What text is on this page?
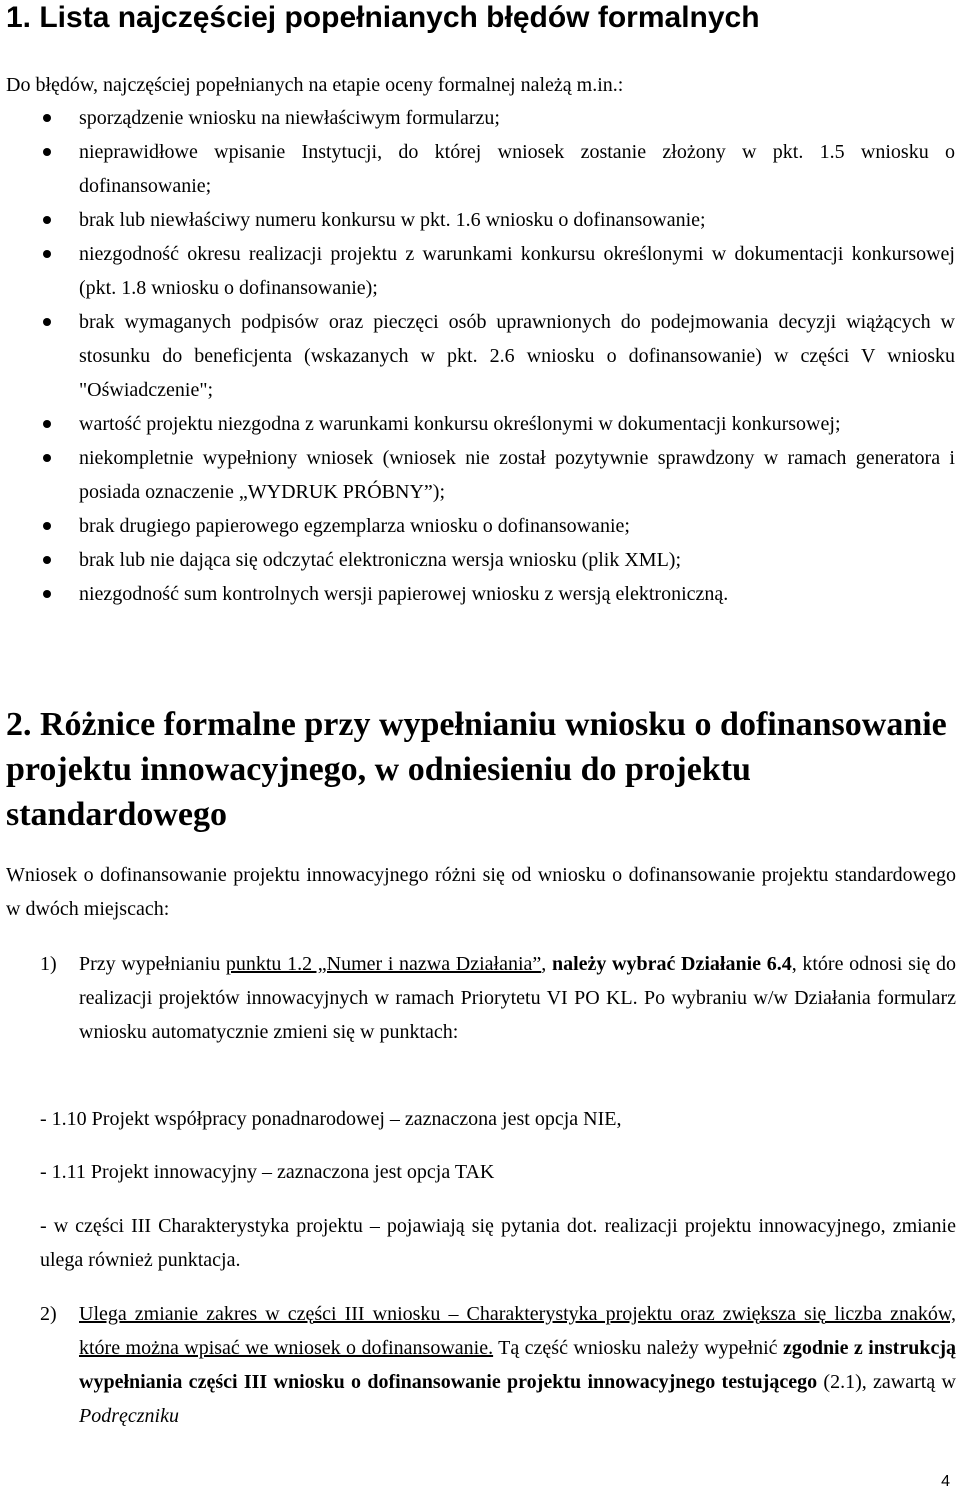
1. Lista najczęściej popełnianych błędów formalnych

Do błędów, najczęściej popełnianych na etapie oceny formalnej należą m.in.:

sporządzenie wniosku na niewłaściwym formularzu;
nieprawidłowe wpisanie Instytucji, do której wniosek zostanie złożony w pkt. 1.5 wniosku o dofinansowanie;
brak lub niewłaściwy numeru konkursu w pkt. 1.6 wniosku o dofinansowanie;
niezgodność okresu realizacji projektu z warunkami konkursu określonymi w dokumentacji konkursowej (pkt. 1.8 wniosku o dofinansowanie);
brak wymaganych podpisów oraz pieczęci osób uprawnionych do podejmowania decyzji wiążących w stosunku do beneficjenta (wskazanych w pkt. 2.6 wniosku o dofinansowanie) w części V wniosku "Oświadczenie";
wartość projektu niezgodna z warunkami konkursu określonymi w dokumentacji konkursowej;
niekompletnie wypełniony wniosek (wniosek nie został pozytywnie sprawdzony w ramach generatora i posiada oznaczenie „WYDRUK PRÓBNY”);
brak drugiego papierowego egzemplarza wniosku o dofinansowanie;
brak lub nie dająca się odczytać elektroniczna wersja wniosku (plik XML);
niezgodność sum kontrolnych wersji papierowej wniosku z wersją elektroniczną.
2. Różnice formalne przy wypełnianiu wniosku o dofinansowanie projektu innowacyjnego, w odniesieniu do projektu standardowego

Wniosek o dofinansowanie projektu innowacyjnego różni się od wniosku o dofinansowanie projektu standardowego w dwóch miejscach:

1) Przy wypełnianiu punktu 1.2 „Numer i nazwa Działania”, należy wybrać Działanie 6.4, które odnosi się do realizacji projektów innowacyjnych w ramach Priorytetu VI PO KL. Po wybraniu w/w Działania formularz wniosku automatycznie zmieni się w punktach:

- 1.10 Projekt współpracy ponadnarodowej – zaznaczona jest opcja NIE,

- 1.11 Projekt innowacyjny – zaznaczona jest opcja TAK

- w części III Charakterystyka projektu – pojawiają się pytania dot. realizacji projektu innowacyjnego, zmianie ulega również punktacja.

2) Ulega zmianie zakres w części III wniosku – Charakterystyka projektu oraz zwiększa się liczba znaków, które można wpisać we wniosek o dofinansowanie. Tą część wniosku należy wypełnić zgodnie z instrukcją wypełniania części III wniosku o dofinansowanie projektu innowacyjnego testującego (2.1), zawartą w Podręczniku

4
